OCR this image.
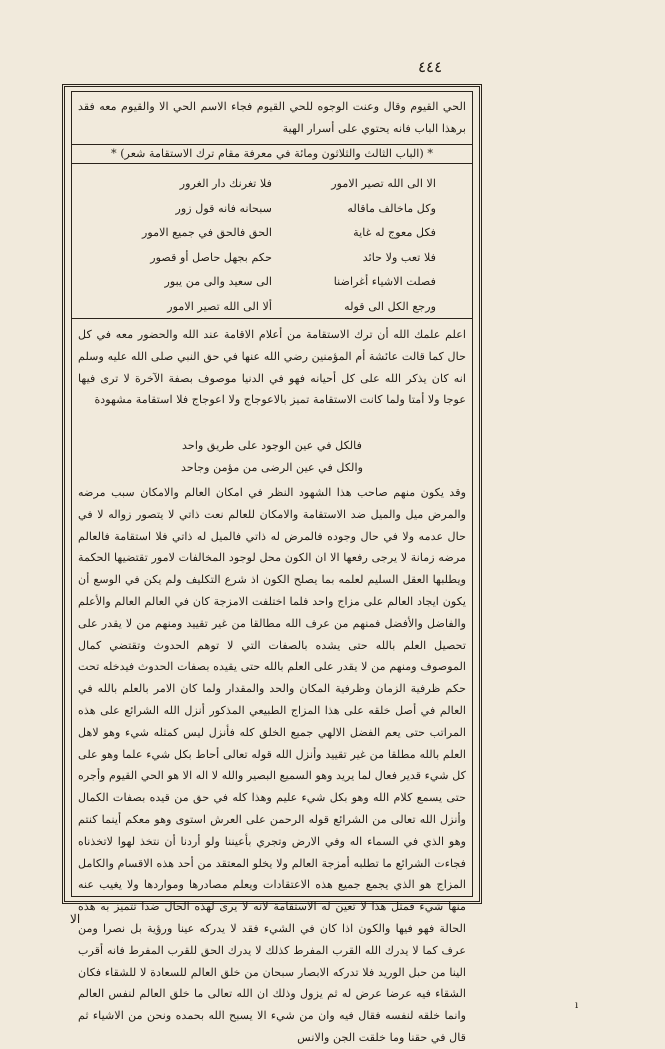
٤٤٤
الحي القيوم وقال وعنت الوجوه للحي القيوم فجاء الاسم الحي الا والقيوم معه فقد برهذا الباب فانه يحتوي على أسرار الهية
* (الباب الثالث والثلاثون ومائة في معرفة مقام ترك الاستقامة شعر) *
الا الى الله تصير الامور
وكل ماخالف ماقاله
فكل معوج له غاية
فلا تعب ولا حائد
فصلت الاشياء أغراضنا
ورجع الكل الى قوله
فلا تغرنك دار الغرور
سبحانه فانه قول زور
الحق فالحق في جميع الامور
حكم بجهل حاصل أو قصور
الى سعيد والى من يبور
ألا الى الله تصير الامور
اعلم علمك الله أن ترك الاستقامة من أعلام الاقامة عند الله والحضور معه في كل حال كما قالت عائشة أم المؤمنين رضي الله عنها في حق النبي صلى الله عليه وسلم انه كان يذكر الله على كل أحيانه فهو في الدنيا موصوف بصفة الآخرة لا ترى فيها عوجا ولا أمتا ولما كانت الاستقامة تميز بالاعوجاج ولا اعوجاج فلا استقامة مشهودة
فالكل في عين الوجود على طريق واحد
والكل في عين الرضى من مؤمن وجاحد
وقد يكون منهم صاحب هذا الشهود النظر في امكان العالم والامكان سبب مرضه والمرض ميل والميل ضد الاستقامة والامكان للعالم نعت ذاتي لا يتصور زواله لا في حال عدمه ولا في حال وجوده فالمرض له ذاتي فالميل له ذاتي فلا استقامة فالعالم مرضه زمانة لا يرجى رفعها الا ان الكون محل لوجود المخالفات لامور تقتضيها الحكمة ويطلبها العقل السليم لعلمه بما يصلح الكون اذ شرع التكليف ولم يكن في الوسع أن يكون ايجاد العالم على مزاج واحد فلما اختلفت الامزجة كان في العالم العالم والأعلم والفاضل والأفضل فمنهم من عرف الله مطالقا من غير تقييد ومنهم من لا يقدر على تحصيل العلم بالله حتى يشده بالصفات التي لا توهم الحدوث وتقتضي كمال الموصوف ومنهم من لا يقدر على العلم بالله حتى يقيده بصفات الحدوث فيدخله تحت حكم ظرفية الزمان وظرفية المكان والحد والمقدار ولما كان الامر بالعلم بالله في العالم في أصل خلقه على هذا المزاج الطبيعي المذكور أنزل الله الشرائع على هذه المراتب حتى يعم الفضل الالهي جميع الخلق كله فأنزل ليس كمثله شيء وهو لاهل العلم بالله مطلقا من غير تقييد وأنزل الله قوله تعالى أحاط بكل شيء علما وهو على كل شيء قدير فعال لما يريد وهو السميع البصير والله لا اله الا هو الحي القيوم وأجره حتى يسمع كلام الله وهو بكل شيء عليم وهذا كله في حق من قيده بصفات الكمال وأنزل الله تعالى من الشرائع قوله الرحمن على العرش استوى وهو معكم أينما كنتم وهو الذي في السماء اله وفي الارض وتجري بأعيننا ولو أردنا أن نتخذ لهوا لاتخذناه فجاءت الشرائع ما تطلبه أمزجة العالم ولا يخلو المعتقد من أحد هذه الاقسام والكامل المزاج هو الذي يجمع جميع هذه الاعتقادات ويعلم مصادرها ومواردها ولا يغيب عنه منها شيء فمثل هذا لا تعين له الاستقامة لانه لا يرى لهذه الحال ضدا تتميز به هذه الحالة فهو فيها والكون اذا كان في الشيء فقد لا يدركه عينا ورؤية بل نصرا ومن عرف كما لا يدرك الله القرب المفرط كذلك لا يدرك الحق للقرب المفرط فانه أقرب الينا من حبل الوريد فلا تدركه الابصار سبحان من خلق العالم للسعادة لا للشقاء فكان الشقاء فيه عرضا عرض له ثم يزول وذلك ان الله تعالى ما خلق العالم لنفس العالم وانما خلقه لنفسه فقال فيه وان من شيء الا يسبح الله بحمده ونحن من الاشياء ثم قال في حقنا وما خلقت الجن والانس
الا
ı
